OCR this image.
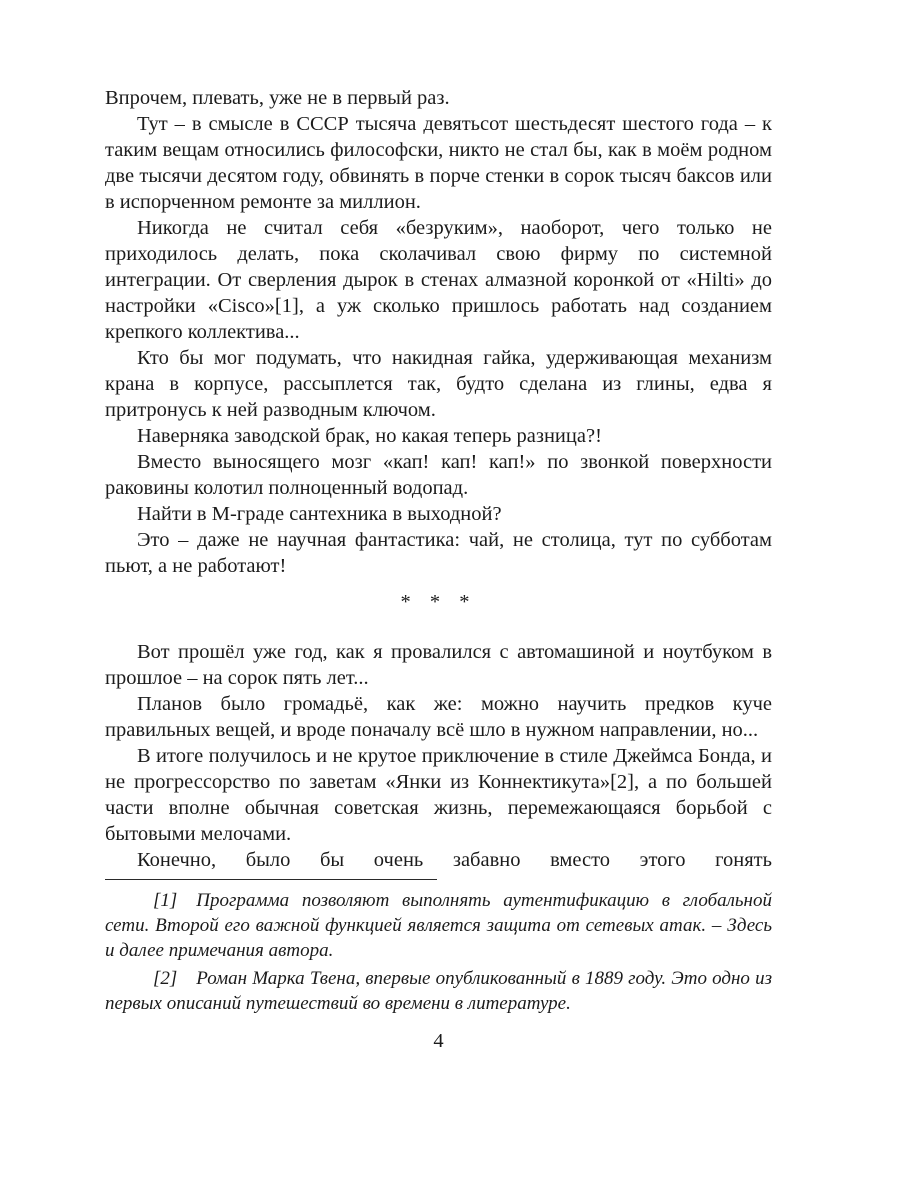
Впрочем, плевать, уже не в первый раз.

Тут – в смысле в СССР тысяча девятьсот шестьдесят шестого года – к таким вещам относились философски, никто не стал бы, как в моём родном две тысячи десятом году, обвинять в порче стенки в сорок тысяч баксов или в испорченном ремонте за миллион.

Никогда не считал себя «безруким», наоборот, чего только не приходилось делать, пока сколачивал свою фирму по системной интеграции. От сверления дырок в стенах алмазной коронкой от «Hilti» до настройки «Cisco»[1], а уж сколько пришлось работать над созданием крепкого коллектива...

Кто бы мог подумать, что накидная гайка, удерживающая механизм крана в корпусе, рассыплется так, будто сделана из глины, едва я притронусь к ней разводным ключом.

Наверняка заводской брак, но какая теперь разница?!

Вместо выносящего мозг «кап! кап! кап!» по звонкой поверхности раковины колотил полноценный водопад.

Найти в М-граде сантехника в выходной?

Это – даже не научная фантастика: чай, не столица, тут по субботам пьют, а не работают!

* * *

Вот прошёл уже год, как я провалился с автомашиной и ноутбуком в прошлое – на сорок пять лет...

Планов было громадьё, как же: можно научить предков куче правильных вещей, и вроде поначалу всё шло в нужном направлении, но...

В итоге получилось и не крутое приключение в стиле Джеймса Бонда, и не прогрессорство по заветам «Янки из Коннектикута»[2], а по большей части вполне обычная советская жизнь, перемежающаяся борьбой с бытовыми мелочами.

Конечно, было бы очень забавно вместо этого гонять

[1] Программа позволяют выполнять аутентификацию в глобальной сети. Второй его важной функцией является защита от сетевых атак. – Здесь и далее примечания автора.

[2] Роман Марка Твена, впервые опубликованный в 1889 году. Это одно из первых описаний путешествий во времени в литературе.

4
